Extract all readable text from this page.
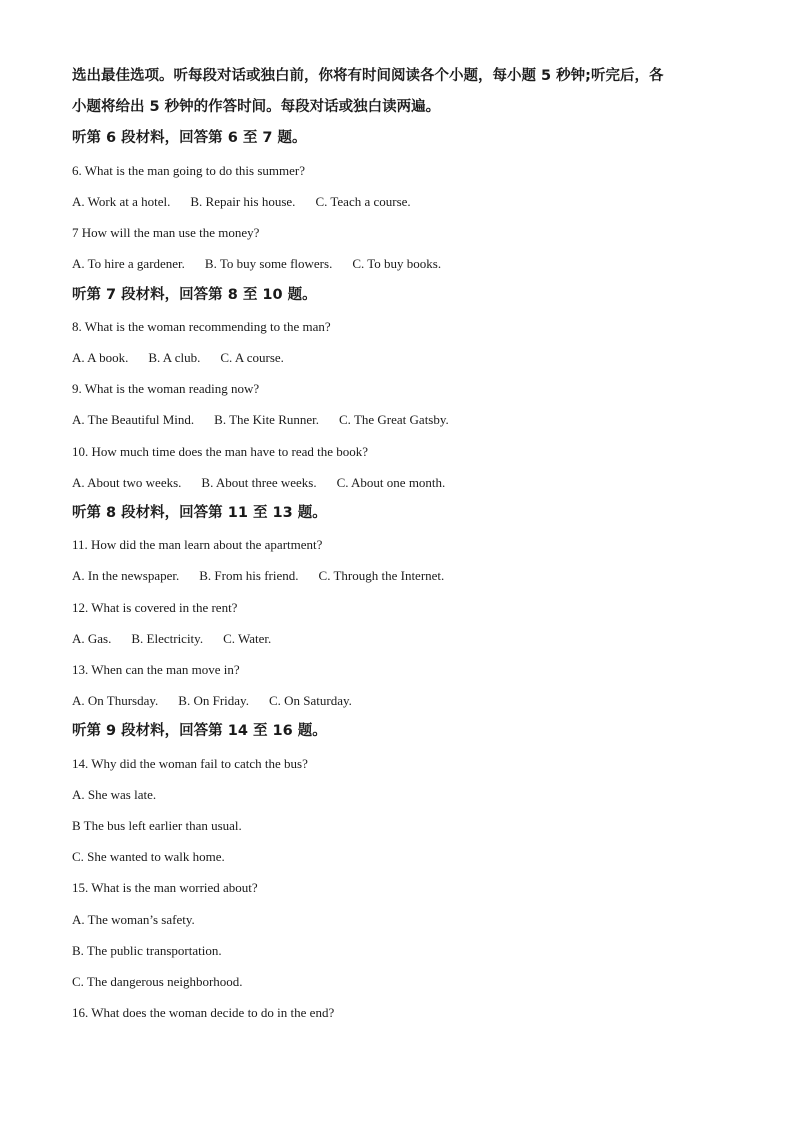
选出最佳选项。听每段对话或独白前，你将有时间阅读各个小题，每小题 5 秒钟;听完后，各
小题将给出 5 秒钟的作答时间。每段对话或独白读两遍。
听第 6 段材料，回答第 6 至 7 题。
6. What is the man going to do this summer?
A. Work at a hotel. B. Repair his house. C. Teach a course.
7 How will the man use the money?
A. To hire a gardener. B. To buy some flowers. C. To buy books.
听第 7 段材料，回答第 8 至 10 题。
8. What is the woman recommending to the man?
A. A book. B. A club. C. A course.
9. What is the woman reading now?
A. The Beautiful Mind. B. The Kite Runner. C. The Great Gatsby.
10. How much time does the man have to read the book?
A. About two weeks. B. About three weeks. C. About one month.
听第 8 段材料，回答第 11 至 13 题。
11. How did the man learn about the apartment?
A. In the newspaper. B. From his friend. C. Through the Internet.
12. What is covered in the rent?
A. Gas. B. Electricity. C. Water.
13. When can the man move in?
A. On Thursday. B. On Friday. C. On Saturday.
听第 9 段材料，回答第 14 至 16 题。
14. Why did the woman fail to catch the bus?
A. She was late.
B The bus left earlier than usual.
C. She wanted to walk home.
15. What is the man worried about?
A. The woman’s safety.
B. The public transportation.
C. The dangerous neighborhood.
16. What does the woman decide to do in the end?
